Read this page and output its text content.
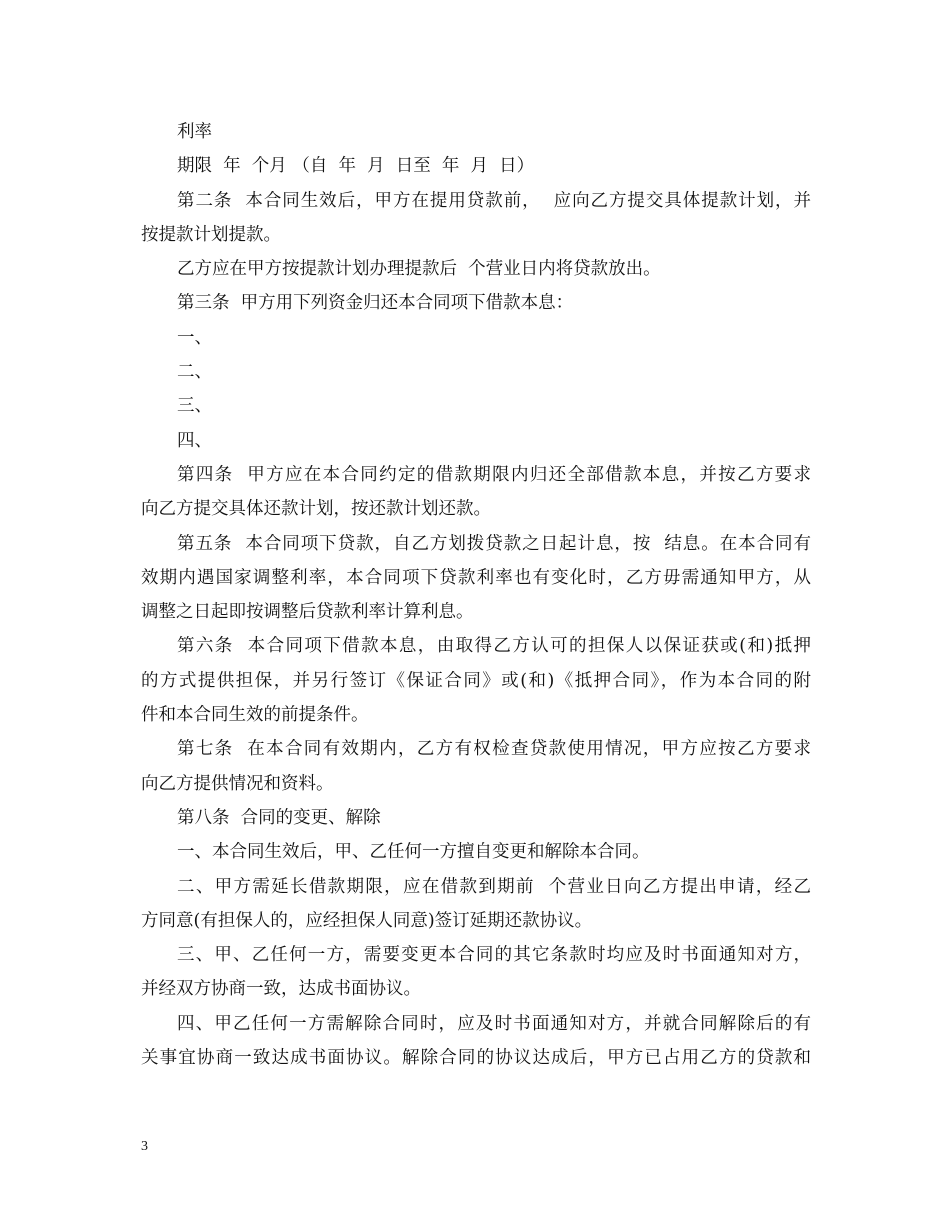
利率
期限  年  个月 （自  年  月  日至  年  月  日）
第二条  本合同生效后，甲方在提用贷款前，  应向乙方提交具体提款计划，并
按提款计划提款。
乙方应在甲方按提款计划办理提款后  个营业日内将贷款放出。
第三条  甲方用下列资金归还本合同项下借款本息：
一、
二、
三、
四、
第四条  甲方应在本合同约定的借款期限内归还全部借款本息，并按乙方要求
向乙方提交具体还款计划，按还款计划还款。
第五条  本合同项下贷款，自乙方划拨贷款之日起计息，按  结息。在本合同有
效期内遇国家调整利率，本合同项下贷款利率也有变化时，乙方毋需通知甲方，从
调整之日起即按调整后贷款利率计算利息。
第六条  本合同项下借款本息，由取得乙方认可的担保人以保证获或(和)抵押
的方式提供担保，并另行签订《保证合同》或(和)《抵押合同》，作为本合同的附
件和本合同生效的前提条件。
第七条  在本合同有效期内，乙方有权检查贷款使用情况，甲方应按乙方要求
向乙方提供情况和资料。
第八条  合同的变更、解除
一、本合同生效后，甲、乙任何一方擅自变更和解除本合同。
二、甲方需延长借款期限，应在借款到期前  个营业日向乙方提出申请，经乙
方同意(有担保人的，应经担保人同意)签订延期还款协议。
三、甲、乙任何一方，需要变更本合同的其它条款时均应及时书面通知对方，
并经双方协商一致，达成书面协议。
四、甲乙任何一方需解除合同时，应及时书面通知对方，并就合同解除后的有
关事宜协商一致达成书面协议。解除合同的协议达成后，甲方已占用乙方的贷款和
3
